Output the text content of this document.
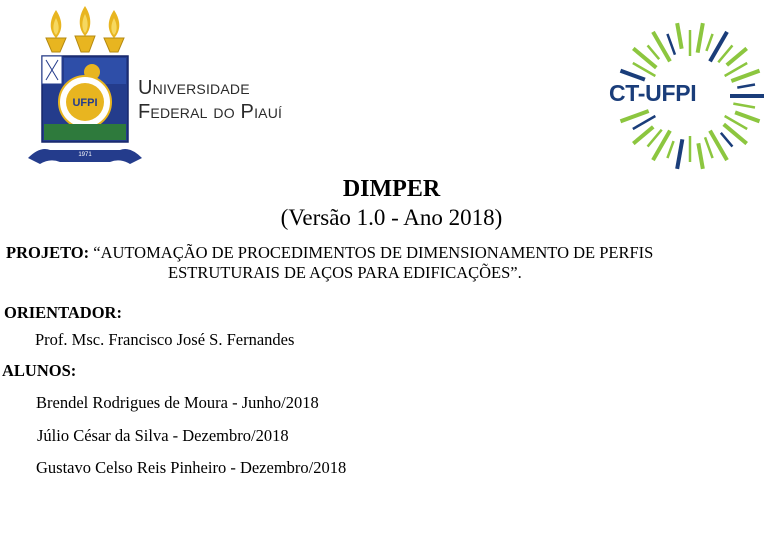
UFPI
1971
Universidade
Federal do Piauí
CT-UFPI
DIMPER
(Versão 1.0 - Ano 2018)
PROJETO: “AUTOMAÇÃO DE PROCEDIMENTOS DE DIMENSIONAMENTO DE PERFIS
ESTRUTURAIS DE AÇOS PARA EDIFICAÇÕES”.
ORIENTADOR:
Prof. Msc. Francisco José S. Fernandes
ALUNOS:
Brendel Rodrigues de Moura - Junho/2018
Júlio César da Silva - Dezembro/2018
Gustavo Celso Reis Pinheiro - Dezembro/2018
